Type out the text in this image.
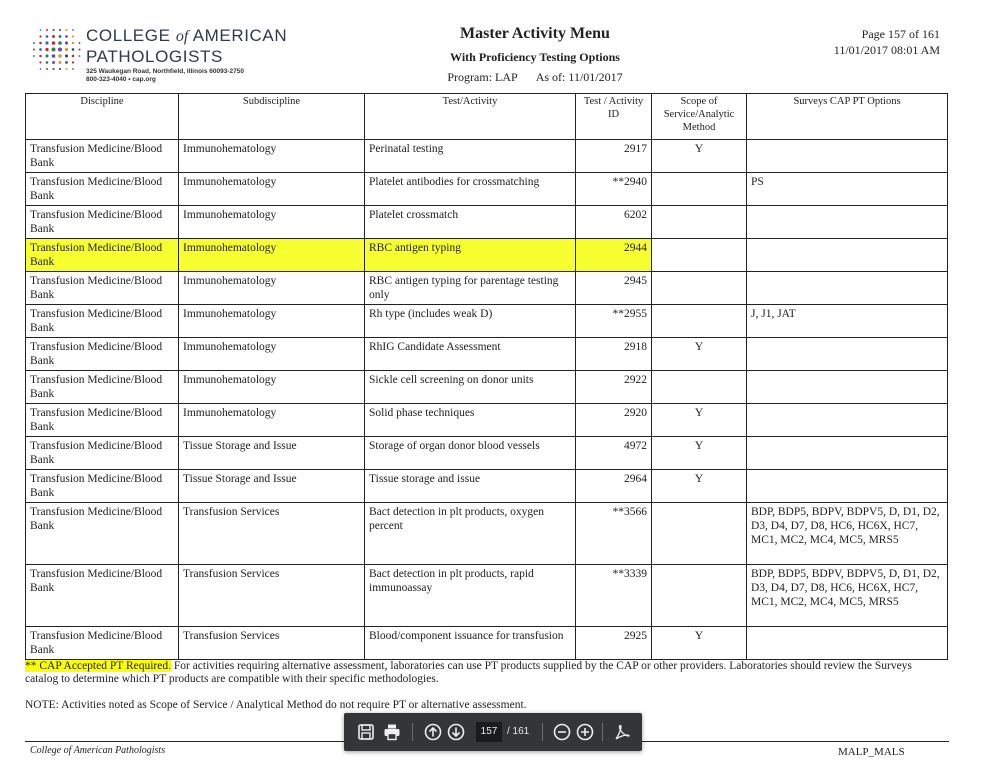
COLLEGE of AMERICAN
PATHOLOGISTS
325 Waukegan Road, Northfield, Illinois 60093-2750
800-323-4040 • cap.org
Master Activity Menu
With Proficiency Testing Options
Program: LAP As of: 11/01/2017
Page 157 of 161
11/01/2017 08:01 AM
Discipline	Subdiscipline	Test/Activity	Test / Activity ID	Scope of Service/Analytic Method	Surveys CAP PT Options
Transfusion Medicine/Blood Bank	Immunohematology	Perinatal testing	2917	Y	
Transfusion Medicine/Blood Bank	Immunohematology	Platelet antibodies for crossmatching	**2940		PS
Transfusion Medicine/Blood Bank	Immunohematology	Platelet crossmatch	6202		
Transfusion Medicine/Blood Bank	Immunohematology	RBC antigen typing	2944		
Transfusion Medicine/Blood Bank	Immunohematology	RBC antigen typing for parentage testing only	2945		
Transfusion Medicine/Blood Bank	Immunohematology	Rh type (includes weak D)	**2955		J, J1, JAT
Transfusion Medicine/Blood Bank	Immunohematology	RhIG Candidate Assessment	2918	Y	
Transfusion Medicine/Blood Bank	Immunohematology	Sickle cell screening on donor units	2922		
Transfusion Medicine/Blood Bank	Immunohematology	Solid phase techniques	2920	Y	
Transfusion Medicine/Blood Bank	Tissue Storage and Issue	Storage of organ donor blood vessels	4972	Y	
Transfusion Medicine/Blood Bank	Tissue Storage and Issue	Tissue storage and issue	2964	Y	
Transfusion Medicine/Blood Bank	Transfusion Services	Bact detection in plt products, oxygen percent	**3566		BDP, BDP5, BDPV, BDPV5, D, D1, D2, D3, D4, D7, D8, HC6, HC6X, HC7, MC1, MC2, MC4, MC5, MRS5
Transfusion Medicine/Blood Bank	Transfusion Services	Bact detection in plt products, rapid immunoassay	**3339		BDP, BDP5, BDPV, BDPV5, D, D1, D2, D3, D4, D7, D8, HC6, HC6X, HC7, MC1, MC2, MC4, MC5, MRS5
Transfusion Medicine/Blood Bank	Transfusion Services	Blood/component issuance for transfusion	2925	Y	
** CAP Accepted PT Required. For activities requiring alternative assessment, laboratories can use PT products supplied by the CAP or other providers. Laboratories should review the Surveys catalog to determine which PT products are compatible with their specific methodologies.
NOTE: Activities noted as Scope of Service / Analytical Method do not require PT or alternative assessment.
College of American Pathologists	MALP_MALS
157 / 161
